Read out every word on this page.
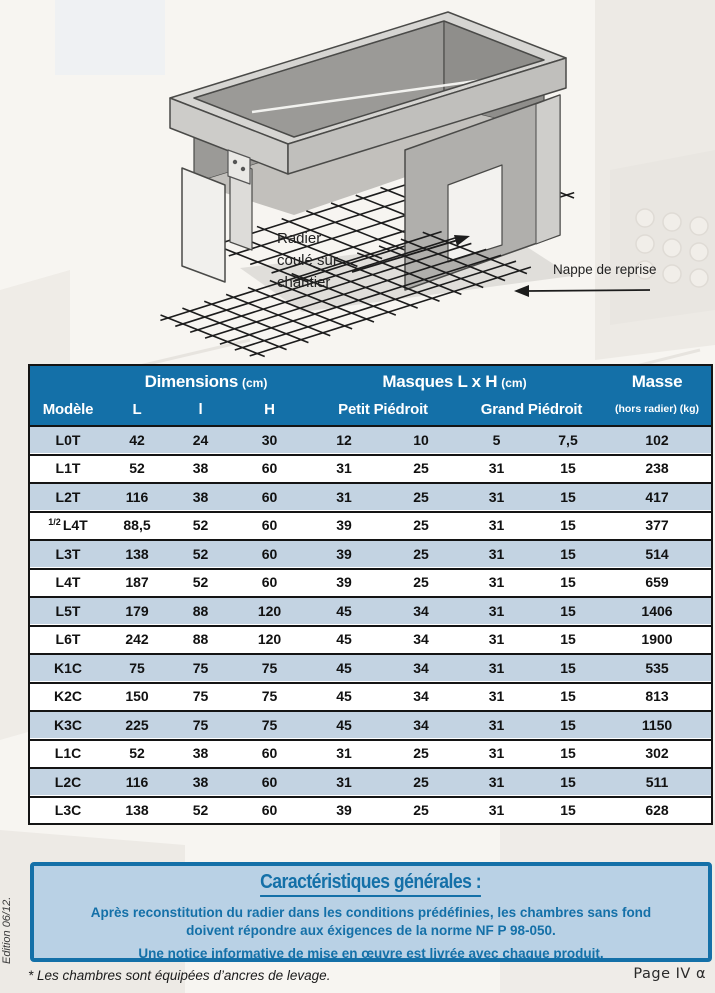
Radier
coulé sur
chantier
Nappe de reprise
Dimensions (cm)	Masques L x H (cm)	Masse
Modèle	L	l	H	Petit Piédroit	Grand Piédroit	(hors radier) (kg)
L0T	42	24	30	12	10	5	7,5	102
L1T	52	38	60	31	25	31	15	238
L2T	116	38	60	31	25	31	15	417
$^{1/2}$ L4T	88,5	52	60	39	25	31	15	377
L3T	138	52	60	39	25	31	15	514
L4T	187	52	60	39	25	31	15	659
L5T	179	88	120	45	34	31	15	1406
L6T	242	88	120	45	34	31	15	1900
K1C	75	75	75	45	34	31	15	535
K2C	150	75	75	45	34	31	15	813
K3C	225	75	75	45	34	31	15	1150
L1C	52	38	60	31	25	31	15	302
L2C	116	38	60	31	25	31	15	511
L3C	138	52	60	39	25	31	15	628
Caractéristiques générales :

Après reconstitution du radier dans les conditions prédéfinies, les chambres sans fond doivent répondre aux éxigences de la norme NF P 98-050.

Une notice informative de mise en œuvre est livrée avec chaque produit.

Edition 06/12.
* Les chambres sont équipées d’ancres de levage.	Page IV α
